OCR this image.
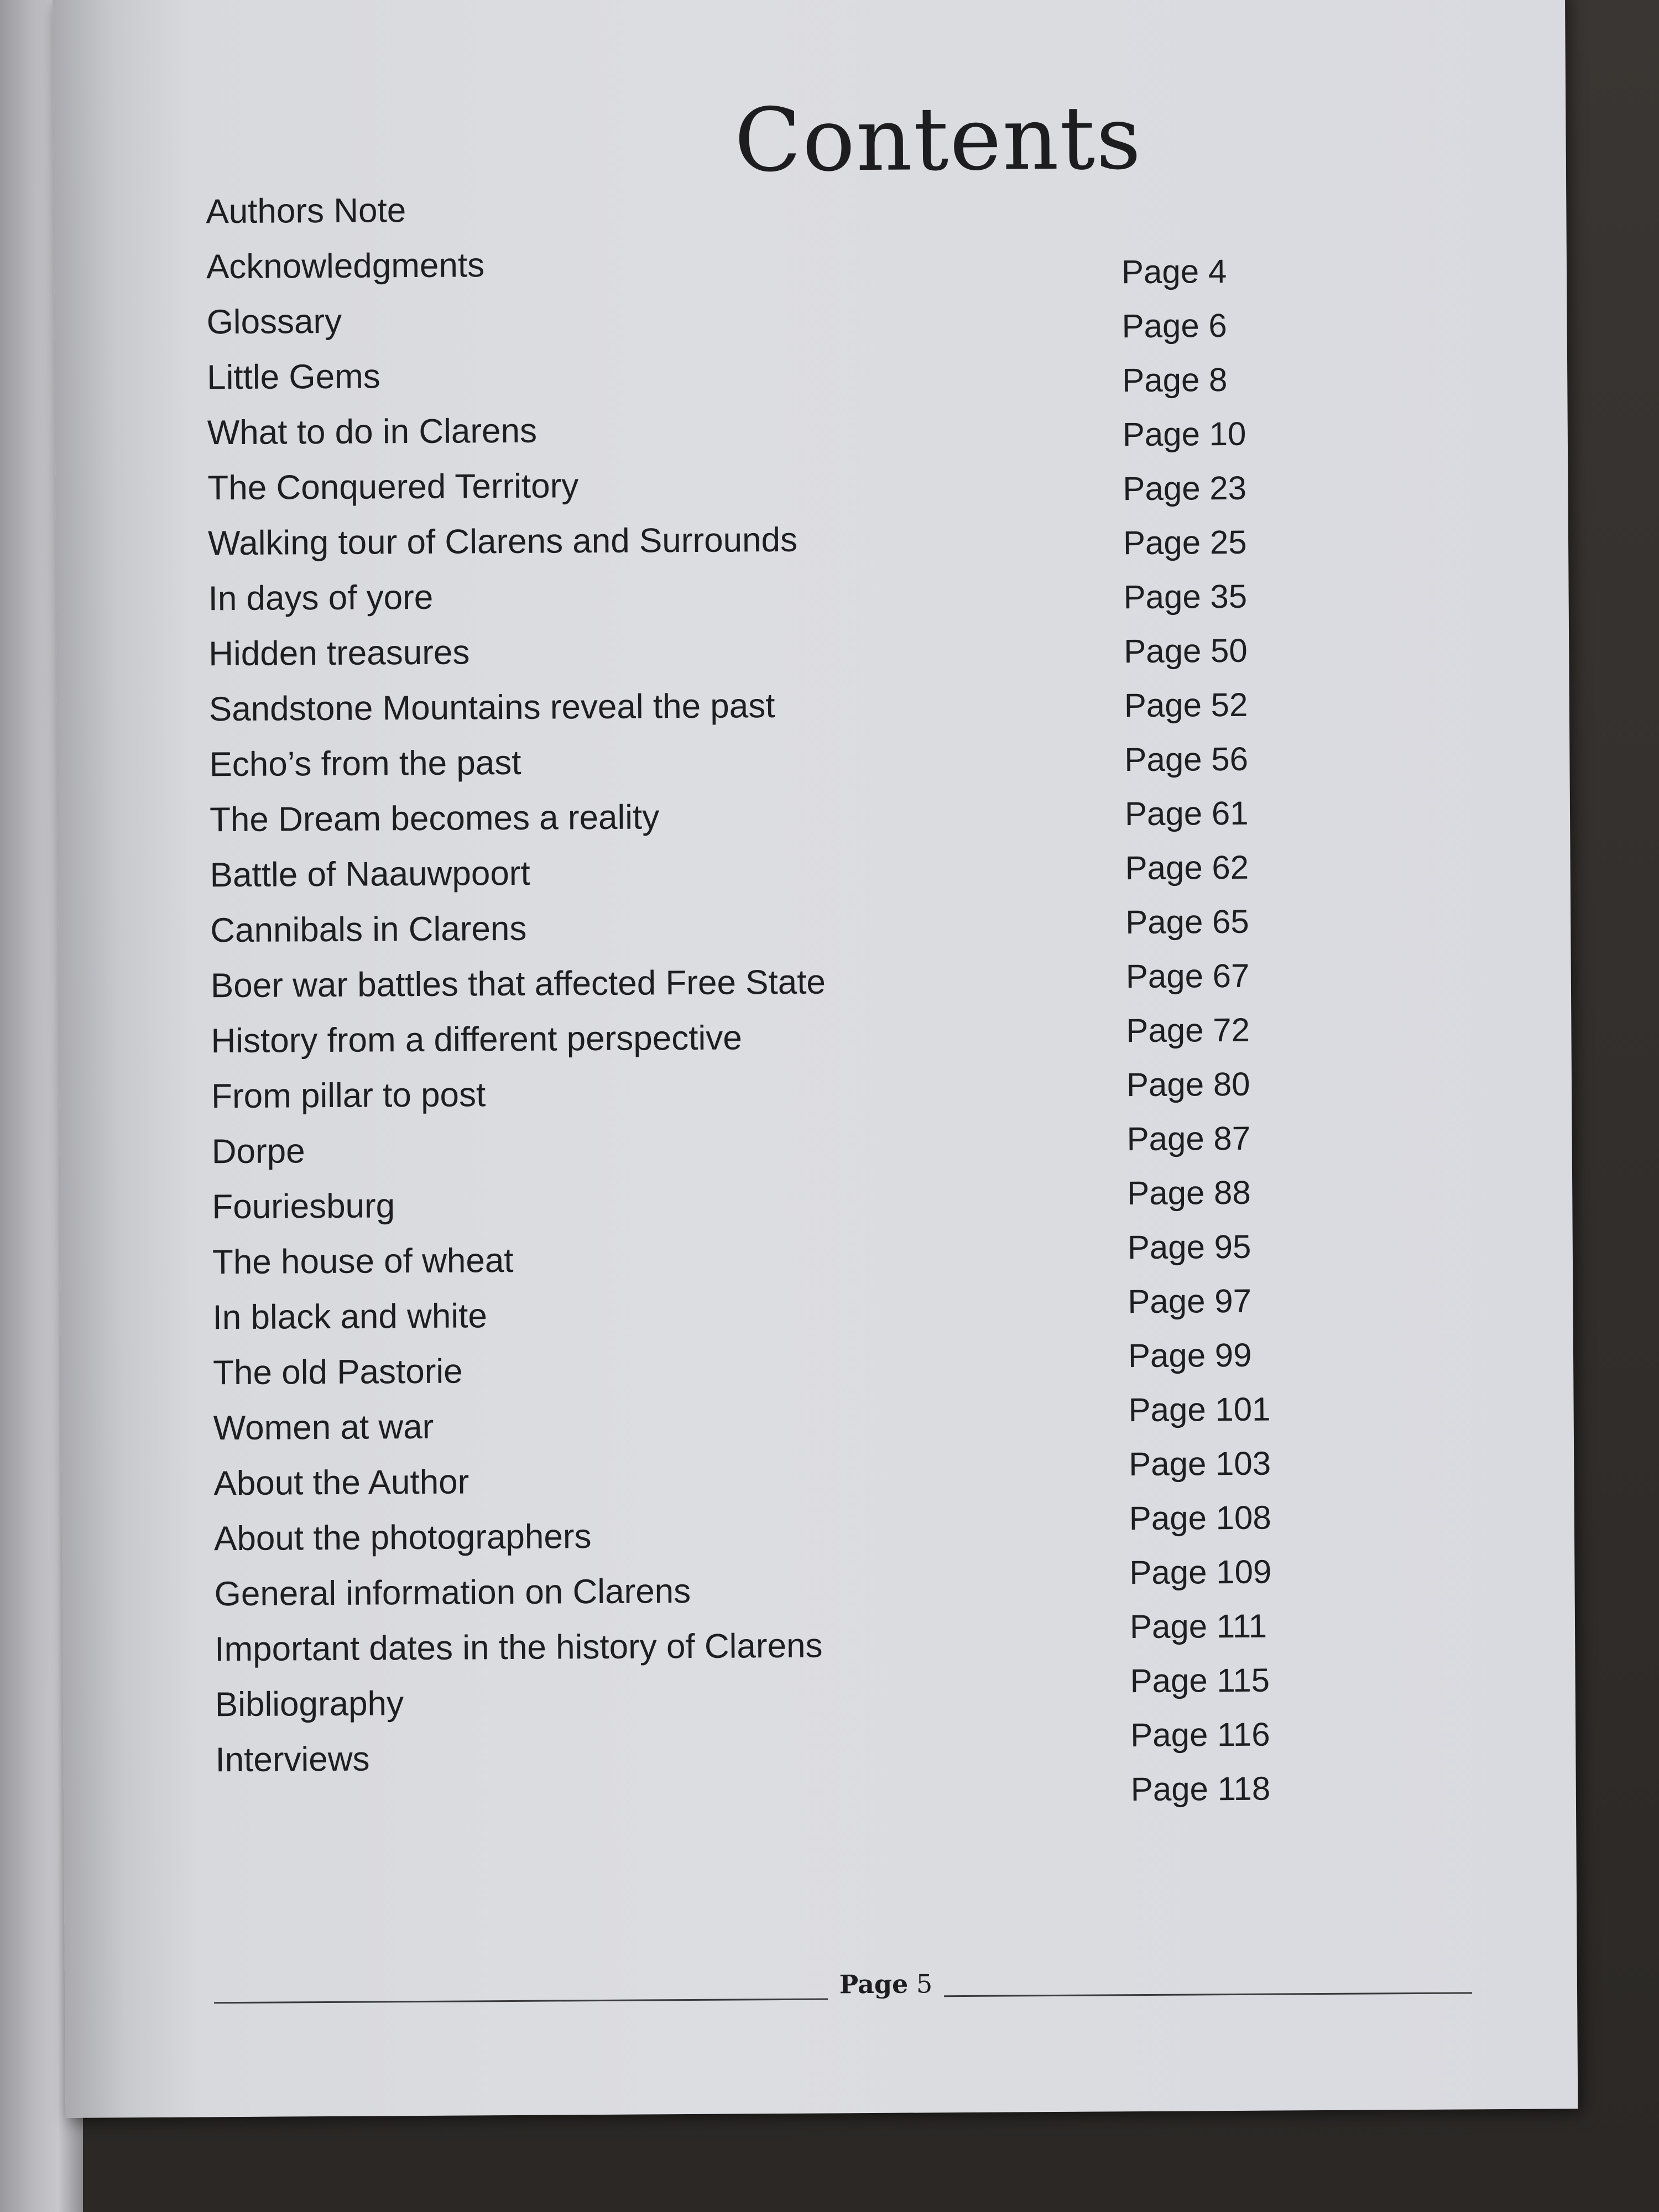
Contents
Authors Note
Acknowledgments
Glossary
Little Gems
What to do in Clarens
The Conquered Territory
Walking tour of Clarens and Surrounds
In days of yore
Hidden treasures
Sandstone Mountains reveal the past
Echo’s from the past
The Dream becomes a reality
Battle of Naauwpoort
Cannibals in Clarens
Boer war battles that affected Free State
History from a different perspective
From pillar to post
Dorpe
Fouriesburg
The house of wheat
In black and white
The old Pastorie
Women at war
About the Author
About the photographers
General information on Clarens
Important dates in the history of Clarens
Bibliography
Interviews
Page 4
Page 6
Page 8
Page 10
Page 23
Page 25
Page 35
Page 50
Page 52
Page 56
Page 61
Page 62
Page 65
Page 67
Page 72
Page 80
Page 87
Page 88
Page 95
Page 97
Page 99
Page 101
Page 103
Page 108
Page 109
Page 111
Page 115
Page 116
Page 118
Page 5
